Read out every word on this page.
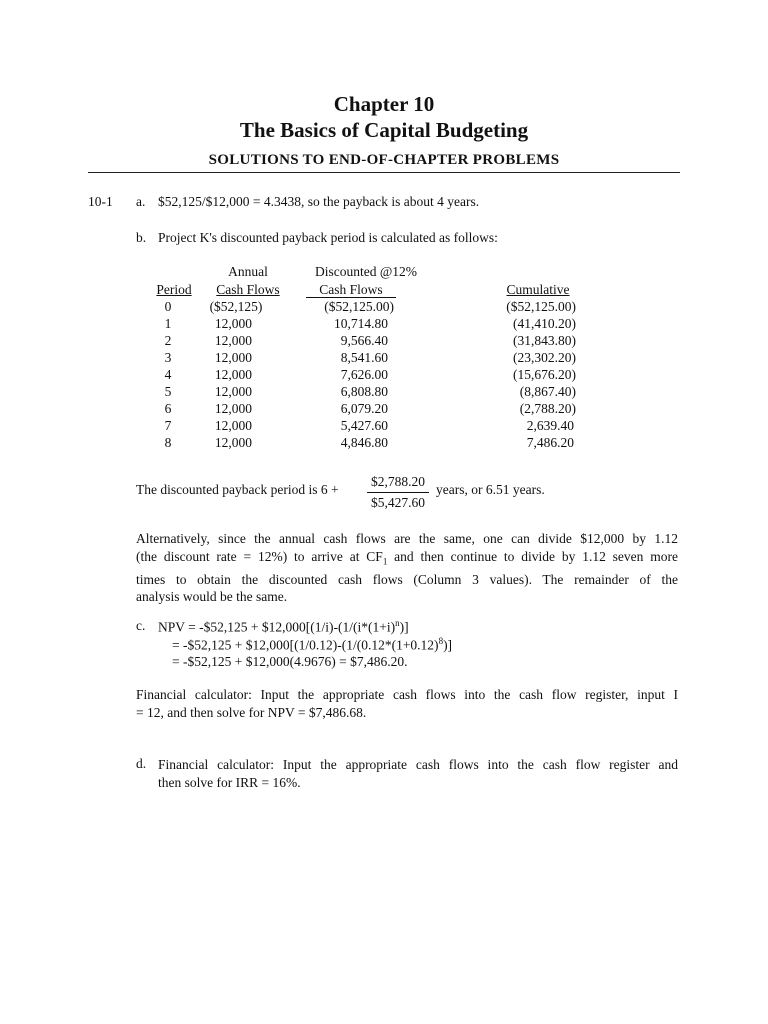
Chapter 10
The Basics of Capital Budgeting
SOLUTIONS TO END-OF-CHAPTER PROBLEMS
10-1 a. $52,125/$12,000 = 4.3438, so the payback is about 4 years.
b. Project K's discounted payback period is calculated as follows:
Annual	Discounted @12%
Period	Cash Flows	Cash Flows	Cumulative
0	($52,125)	($52,125.00)	($52,125.00)
1	12,000	10,714.80	(41,410.20)
2	12,000	9,566.40	(31,843.80)
3	12,000	8,541.60	(23,302.20)
4	12,000	7,626.00	(15,676.20)
5	12,000	6,808.80	(8,867.40)
6	12,000	6,079.20	(2,788.20)
7	12,000	5,427.60	2,639.40
8	12,000	4,846.80	7,486.20
The discounted payback period is 6 +
$2,788.20
$5,427.60
years, or 6.51 years.
Alternatively, since the annual cash flows are the same, one can divide $12,000 by 1.12
(the discount rate = 12%) to arrive at $CF_1$ and then continue to divide by 1.12 seven more
times to obtain the discounted cash flows (Column 3 values). The remainder of the
analysis would be the same.
c. NPV = -$52,125 + $\$12,000[(1/i)-(1/(i*(1+i)^n)]$
= -$52,125 + $\$12,000[(1/0.12)-(1/(0.12*(1+0.12)^8)]$
= -$52,125 + $12,000(4.9676) = $7,486.20.
Financial calculator: Input the appropriate cash flows into the cash flow register, input I
= 12, and then solve for NPV = $7,486.68.
d. Financial calculator: Input the appropriate cash flows into the cash flow register and
then solve for IRR = 16%.
